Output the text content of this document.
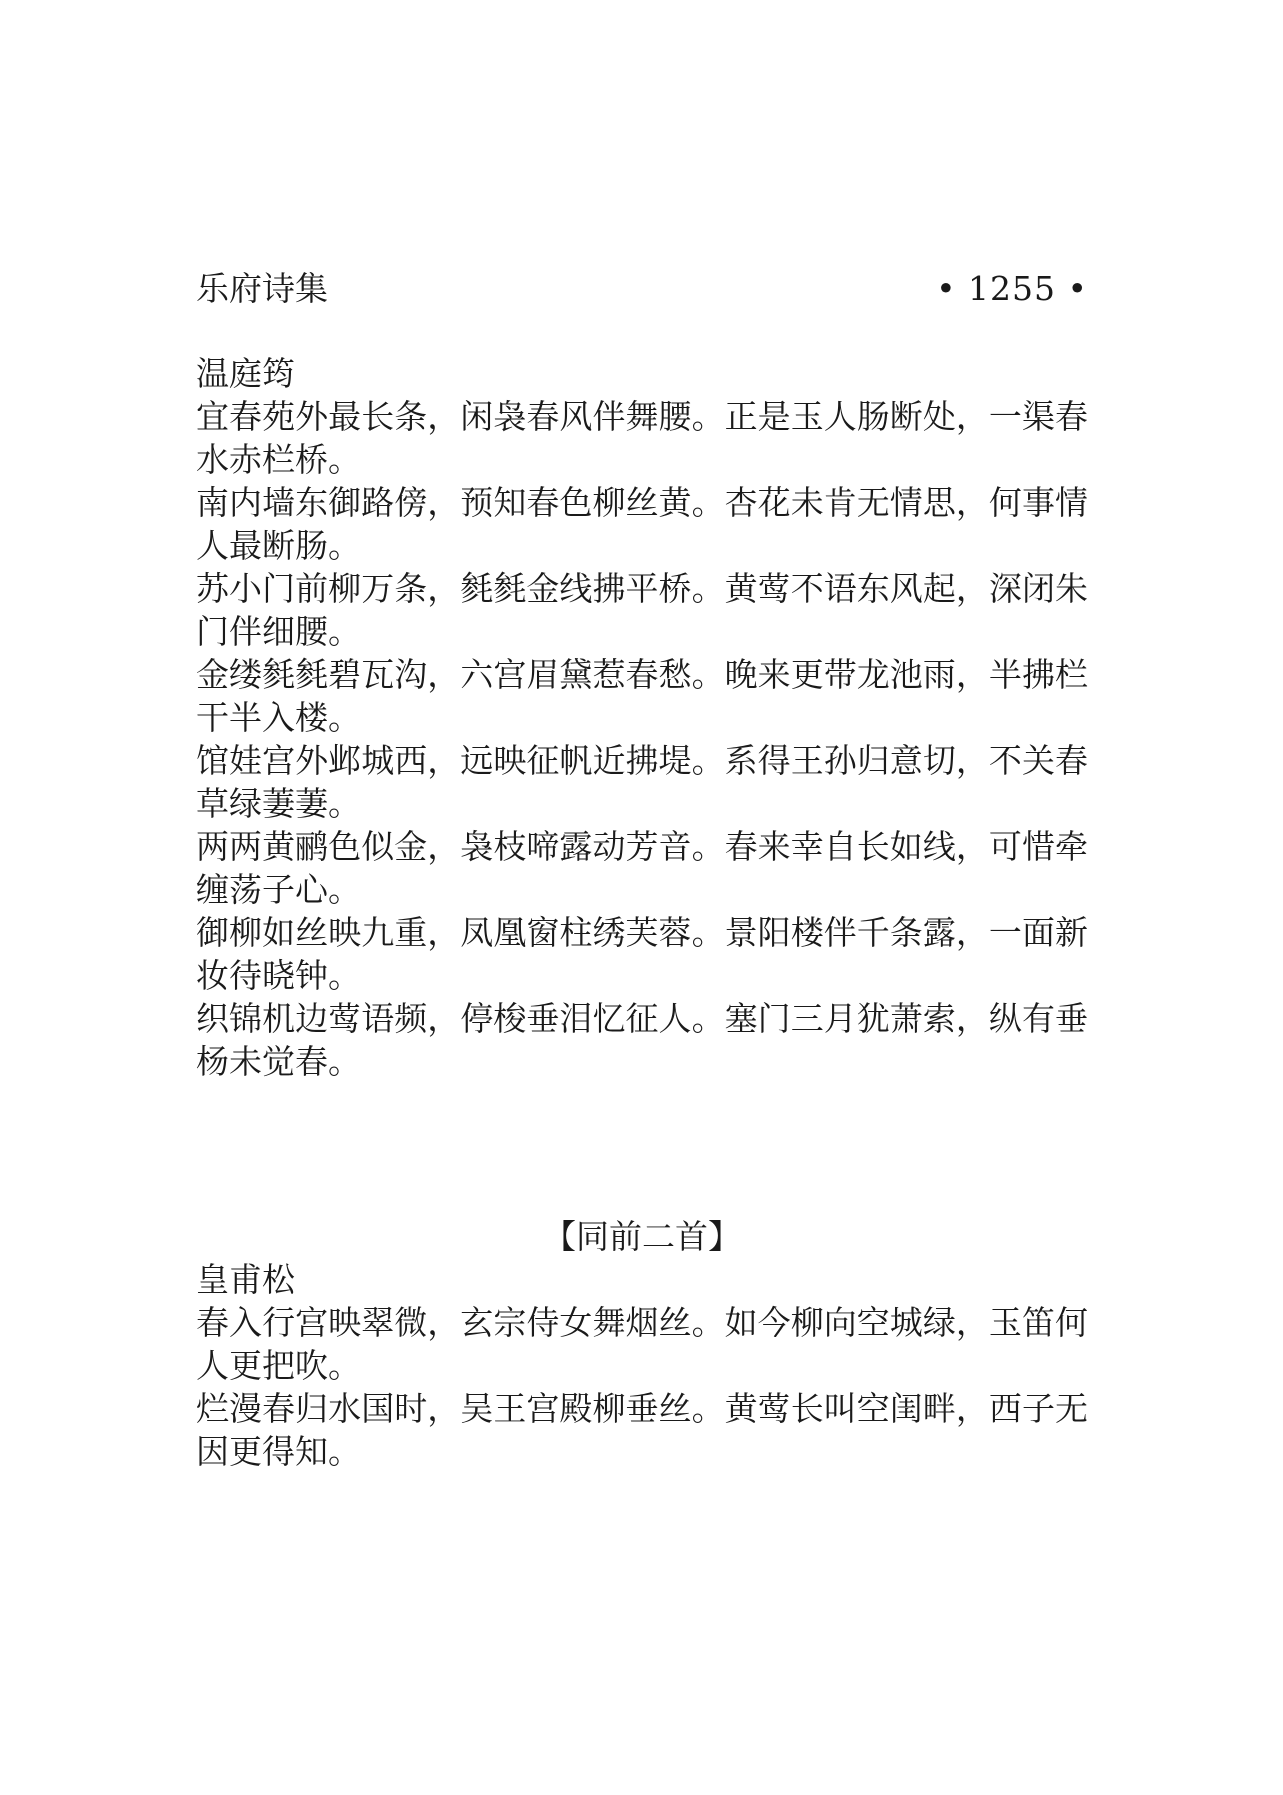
乐府诗集	• 1255 •
温庭筠

宜春苑外最长条，闲袅春风伴舞腰。正是玉人肠断处，一渠春水赤栏桥。

南内墙东御路傍，预知春色柳丝黄。杏花未肯无情思，何事情人最断肠。

苏小门前柳万条，毵毵金线拂平桥。黄莺不语东风起，深闭朱门伴细腰。

金缕毵毵碧瓦沟，六宫眉黛惹春愁。晚来更带龙池雨，半拂栏干半入楼。

馆娃宫外邺城西，远映征帆近拂堤。系得王孙归意切，不关春草绿萋萋。

两两黄鹂色似金，袅枝啼露动芳音。春来幸自长如线，可惜牵缠荡子心。

御柳如丝映九重，凤凰窗柱绣芙蓉。景阳楼伴千条露，一面新妆待晓钟。

织锦机边莺语频，停梭垂泪忆征人。塞门三月犹萧索，纵有垂杨未觉春。

【同前二首】
皇甫松

春入行宫映翠微，玄宗侍女舞烟丝。如今柳向空城绿，玉笛何人更把吹。

烂漫春归水国时，吴王宫殿柳垂丝。黄莺长叫空闺畔，西子无因更得知。
